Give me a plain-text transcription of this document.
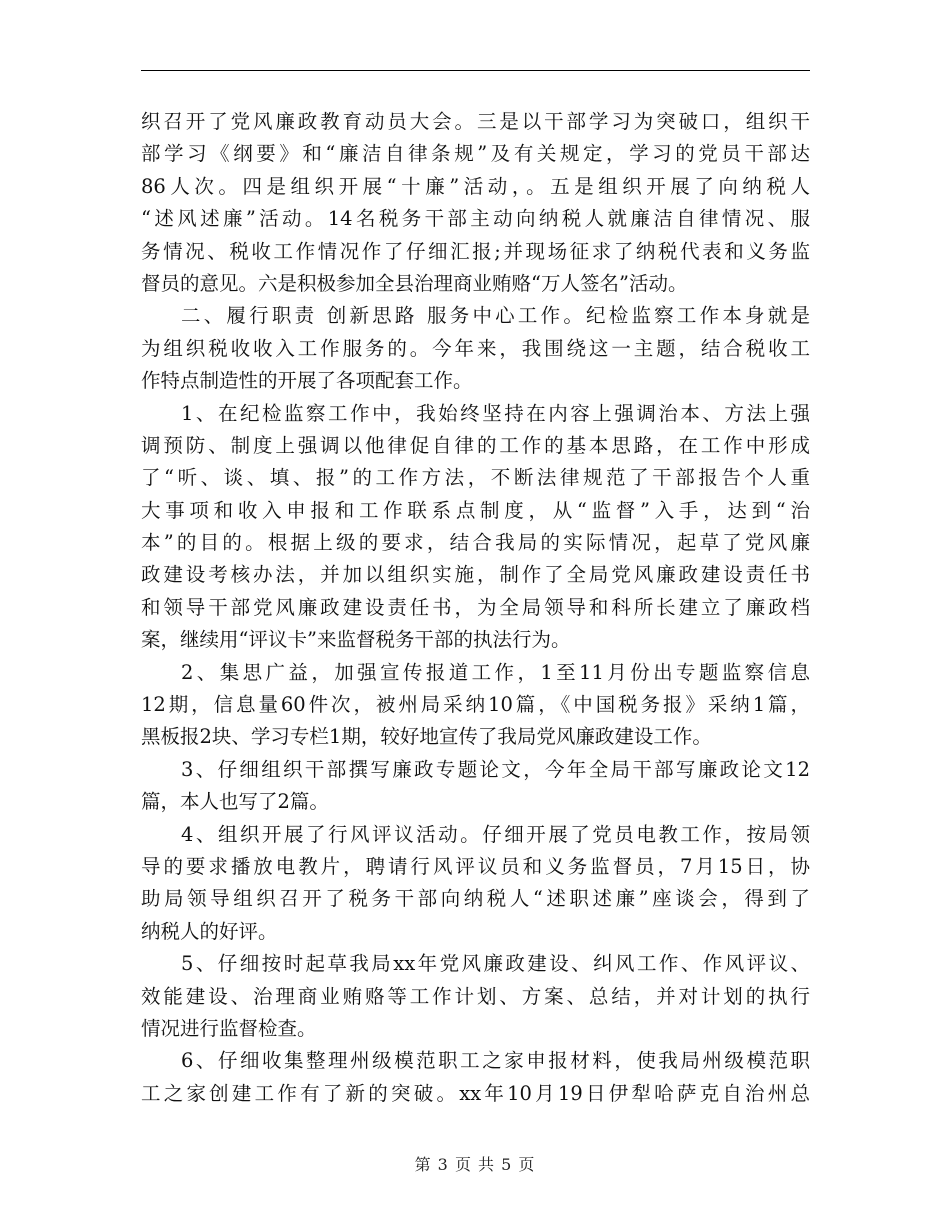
织召开了党风廉政教育动员大会。三是以干部学习为突破口，组织干
部学习《纲要》和“廉洁自律条规”及有关规定，学习的党员干部达
86人次。四是组织开展“十廉”活动，。五是组织开展了向纳税人
“述风述廉”活动。14名税务干部主动向纳税人就廉洁自律情况、服
务情况、税收工作情况作了仔细汇报;并现场征求了纳税代表和义务监
督员的意见。六是积极参加全县治理商业贿赂“万人签名”活动。
二、履行职责 创新思路 服务中心工作。纪检监察工作本身就是
为组织税收收入工作服务的。今年来，我围绕这一主题，结合税收工
作特点制造性的开展了各项配套工作。
1、在纪检监察工作中，我始终坚持在内容上强调治本、方法上强
调预防、制度上强调以他律促自律的工作的基本思路，在工作中形成
了“听、谈、填、报”的工作方法，不断法律规范了干部报告个人重
大事项和收入申报和工作联系点制度，从“监督”入手，达到“治
本”的目的。根据上级的要求，结合我局的实际情况，起草了党风廉
政建设考核办法，并加以组织实施，制作了全局党风廉政建设责任书
和领导干部党风廉政建设责任书，为全局领导和科所长建立了廉政档
案，继续用“评议卡”来监督税务干部的执法行为。
2、集思广益，加强宣传报道工作，1至11月份出专题监察信息
12期，信息量60件次，被州局采纳10篇，《中国税务报》采纳1篇，
黑板报2块、学习专栏1期，较好地宣传了我局党风廉政建设工作。
3、仔细组织干部撰写廉政专题论文，今年全局干部写廉政论文12
篇，本人也写了2篇。
4、组织开展了行风评议活动。仔细开展了党员电教工作，按局领
导的要求播放电教片，聘请行风评议员和义务监督员，7月15日，协
助局领导组织召开了税务干部向纳税人“述职述廉”座谈会，得到了
纳税人的好评。
5、仔细按时起草我局xx年党风廉政建设、纠风工作、作风评议、
效能建设、治理商业贿赂等工作计划、方案、总结，并对计划的执行
情况进行监督检查。
6、仔细收集整理州级模范职工之家申报材料，使我局州级模范职
工之家创建工作有了新的突破。xx年10月19日伊犁哈萨克自治州总
第 3 页 共 5 页
